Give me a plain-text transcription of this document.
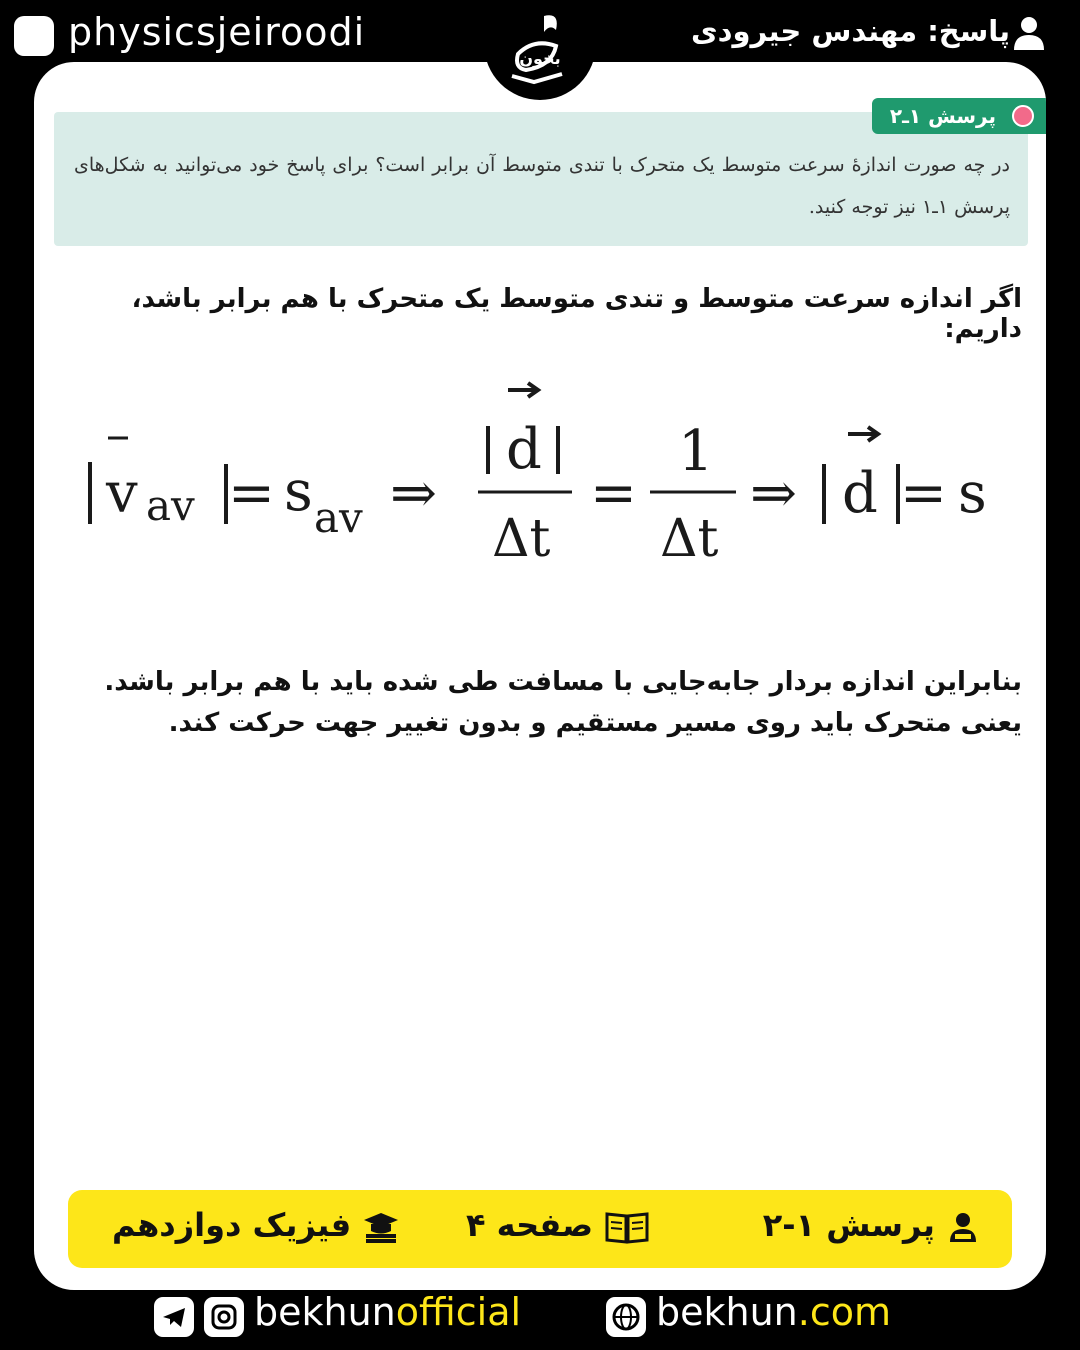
physicsjeiroodi	پاسخ: مهندس جیرودی
بخون
پرسش ۱ـ۲
در چه صورت اندازهٔ سرعت متوسط یک متحرک با تندی متوسط آن برابر است؟ برای پاسخ خود می‌توانید به شکل‌های پرسش ۱ـ۱ نیز توجه کنید.
اگر اندازه سرعت متوسط و تندی متوسط یک متحرک با هم برابر باشد، داریم:
v av = s av ⇒
d
Δt
=
1
Δt
⇒ d = s
بنابراین اندازه بردار جابه‌جایی با مسافت طی شده باید با هم برابر باشد. یعنی متحرک باید روی مسیر مستقیم و بدون تغییر جهت حرکت کند.
پرسش ۱-۲
صفحه ۴
فیزیک دوازدهم
bekhunofficial	bekhun.com
